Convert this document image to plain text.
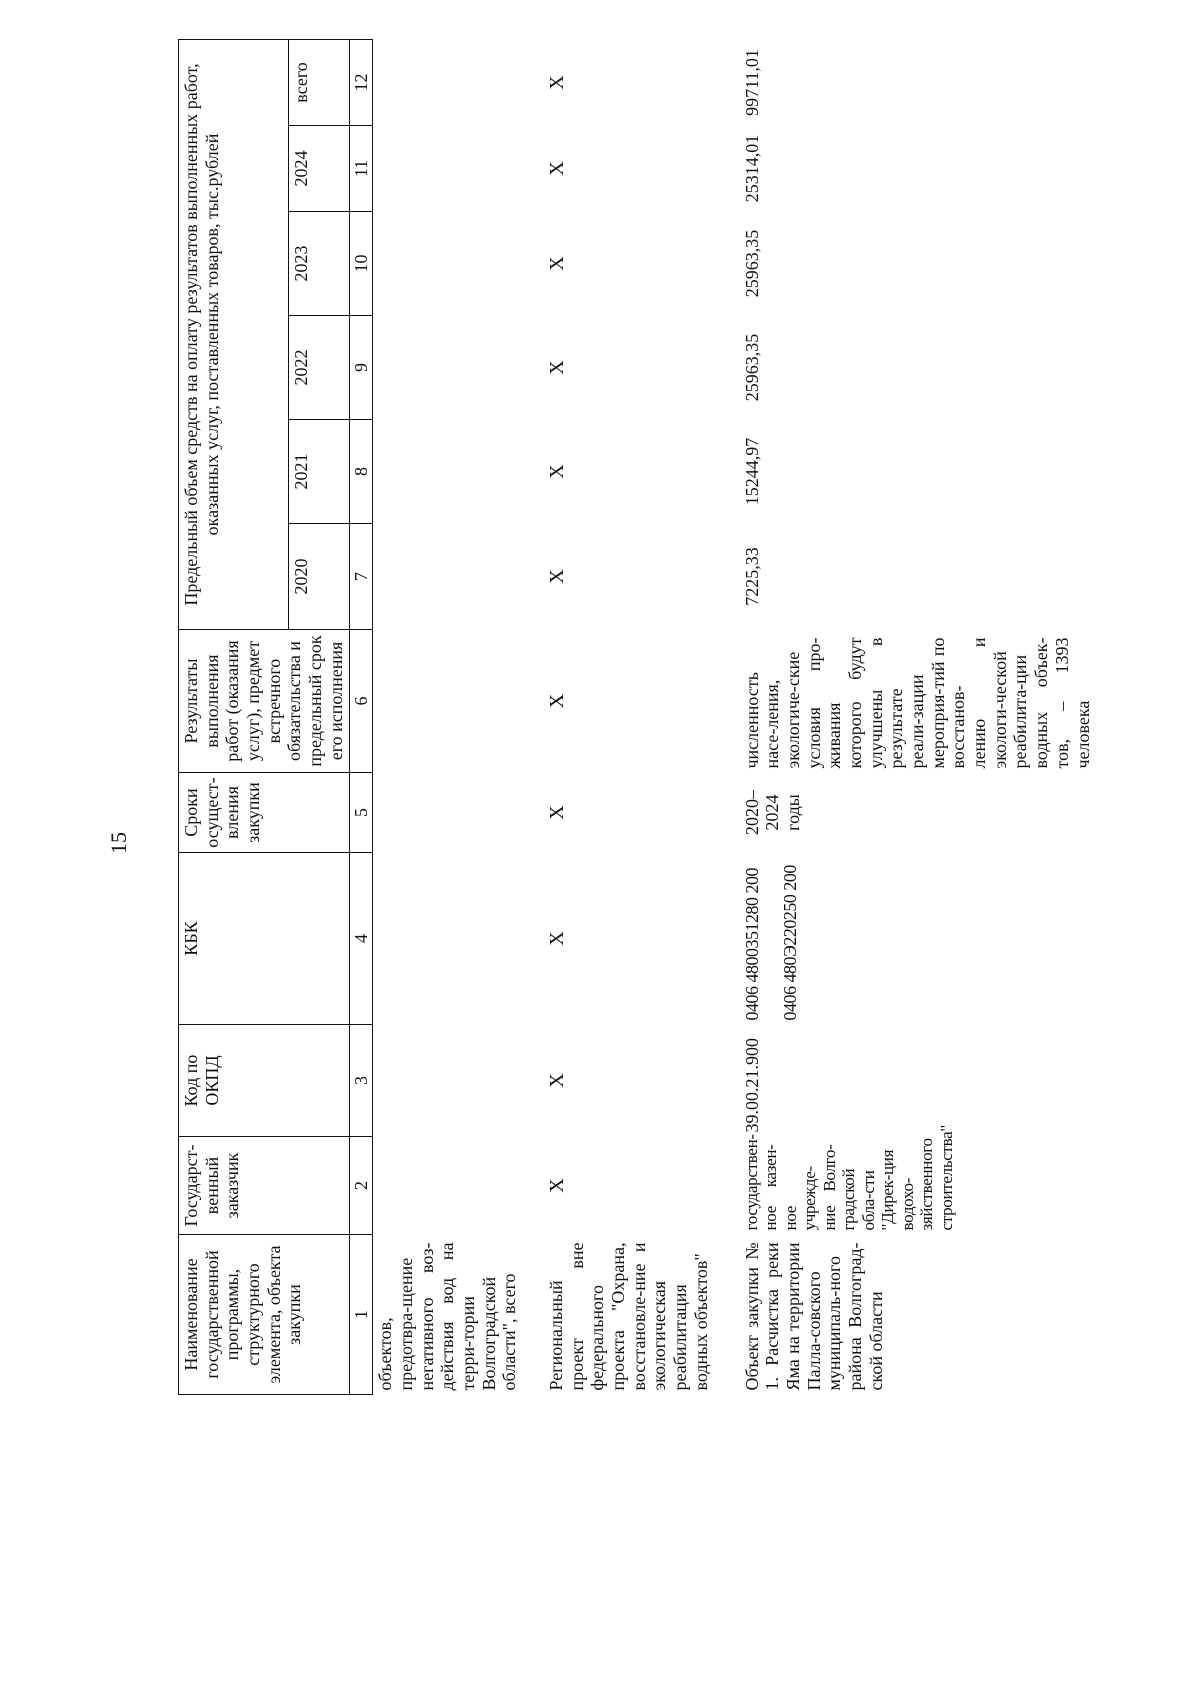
15
Наименование государственной программы, структурного элемента, объекта закупки	Государст-венный заказчик	Код по ОКПД	КБК	Сроки осущест-вления закупки	Результаты выполнения работ (оказания услуг), предмет встречного обязательства и предельный срок его исполнения	Предельный объем средств на оплату результатов выполненных работ, оказанных услуг, поставленных товаров, тыс.рублей					
						2020	2021	2022	2023	2024	всего
1	2	3	4	5	6	7	8	9	10	11	12
объектов, предотвра-щение негативного воз-действия вод на терри-тории Волгоградской области", всего											
Региональный проект вне федерального проекта "Охрана, восстановле-ние и экологическая реабилитация водных объектов"	X	X	X	X	X	X	X	X	X	X	X
Объект закупки № 1. Расчистка реки Яма на территории Палла-совского муниципаль-ного района Волгоград-ской области	государствен-ное казен-ное учрежде-ние Волго-градской обла-сти "Дирек-ция водохо-зяйственного строительства"	39.00.21.900	0406 4800351280 200 0406 480Э220250 200	2020–2024 годы	численность насе-ления, экологиче-ские условия про-живания которого будут улучшены в результате реали-зации мероприя-тий по восстанов-лению и экологи-ческой реабилита-ции водных объек-тов, – 1393 человека	7225,33	15244,97	25963,35	25963,35	25314,01	99711,01
